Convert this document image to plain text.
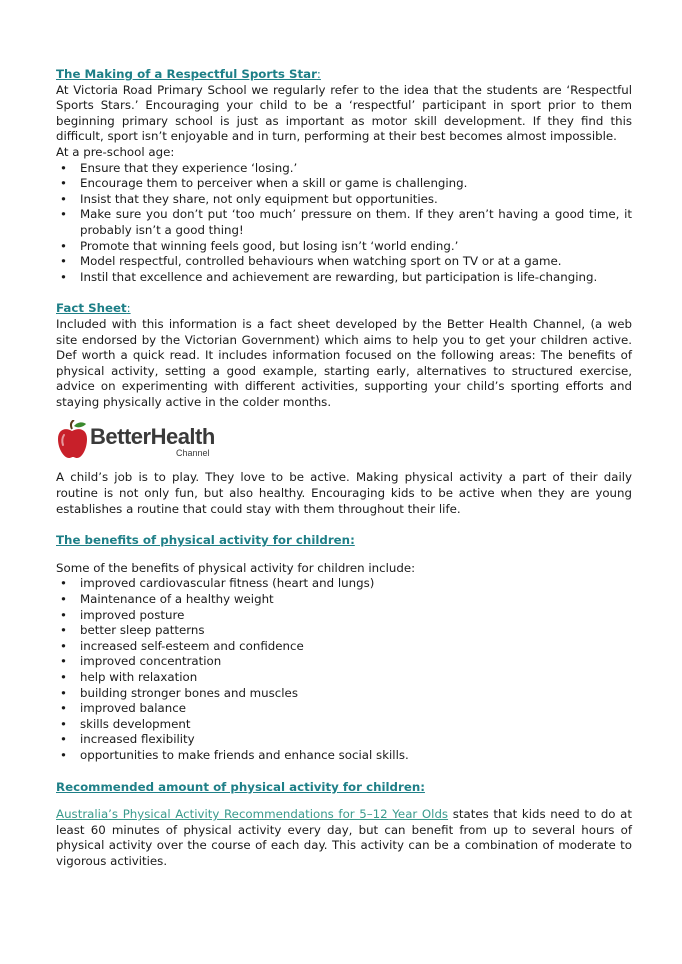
The Making of a Respectful Sports Star:

At Victoria Road Primary School we regularly refer to the idea that the students are ‘Respectful Sports Stars.’ Encouraging your child to be a ‘respectful’ participant in sport prior to them beginning primary school is just as important as motor skill development. If they find this difficult, sport isn’t enjoyable and in turn, performing at their best becomes almost impossible.

At a pre-school age:

• Ensure that they experience ‘losing.’
• Encourage them to perceiver when a skill or game is challenging.
• Insist that they share, not only equipment but opportunities.
• Make sure you don’t put ‘too much’ pressure on them. If they aren’t having a good time, it probably isn’t a good thing!
• Promote that winning feels good, but losing isn’t ‘world ending.’
• Model respectful, controlled behaviours when watching sport on TV or at a game.
• Instil that excellence and achievement are rewarding, but participation is life-changing.
Fact Sheet:

Included with this information is a fact sheet developed by the Better Health Channel, (a web site endorsed by the Victorian Government) which aims to help you to get your children active. Def worth a quick read. It includes information focused on the following areas: The benefits of physical activity, setting a good example, starting early, alternatives to structured exercise, advice on experimenting with different activities, supporting your child’s sporting efforts and staying physically active in the colder months.

BetterHealth
Channel

A child’s job is to play. They love to be active. Making physical activity a part of their daily routine is not only fun, but also healthy. Encouraging kids to be active when they are young establishes a routine that could stay with them throughout their life.

The benefits of physical activity for children:

Some of the benefits of physical activity for children include:

• improved cardiovascular fitness (heart and lungs)
• Maintenance of a healthy weight
• improved posture
• better sleep patterns
• increased self-esteem and confidence
• improved concentration
• help with relaxation
• building stronger bones and muscles
• improved balance
• skills development
• increased flexibility
• opportunities to make friends and enhance social skills.
Recommended amount of physical activity for children:

Australia’s Physical Activity Recommendations for 5–12 Year Olds states that kids need to do at least 60 minutes of physical activity every day, but can benefit from up to several hours of physical activity over the course of each day. This activity can be a combination of moderate to vigorous activities.
